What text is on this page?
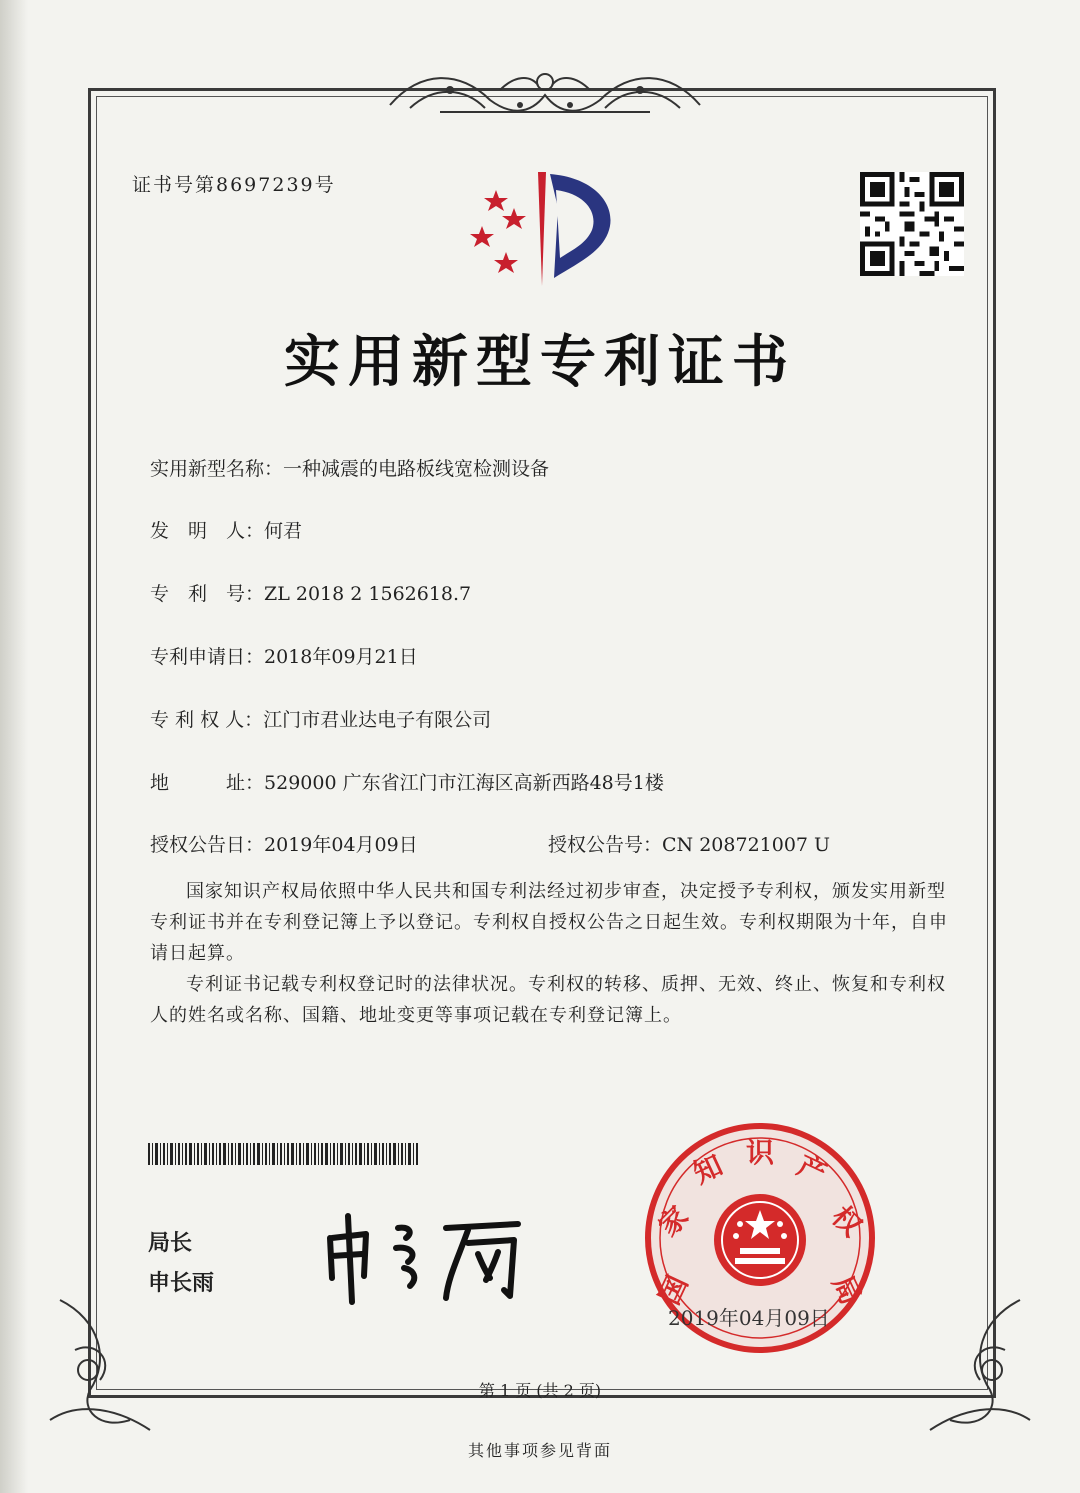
证书号第8697239号
实用新型专利证书
实用新型名称：一种减震的电路板线宽检测设备
发　明　人：何君
专　利　号：ZL 2018 2 1562618.7
专利申请日：2018年09月21日
专 利 权 人：江门市君业达电子有限公司
地　　　址：529000 广东省江门市江海区高新西路48号1楼
授权公告日：2019年04月09日	授权公告号：CN 208721007 U
国家知识产权局依照中华人民共和国专利法经过初步审查，决定授予专利权，颁发实用新型专利证书并在专利登记簿上予以登记。专利权自授权公告之日起生效。专利权期限为十年，自申请日起算。
专利证书记载专利权登记时的法律状况。专利权的转移、质押、无效、终止、恢复和专利权人的姓名或名称、国籍、地址变更等事项记载在专利登记簿上。
局长
申长雨	国
家
知 识 产
权
局
2019年04月09日
第 1 页 (共 2 页)
其他事项参见背面
